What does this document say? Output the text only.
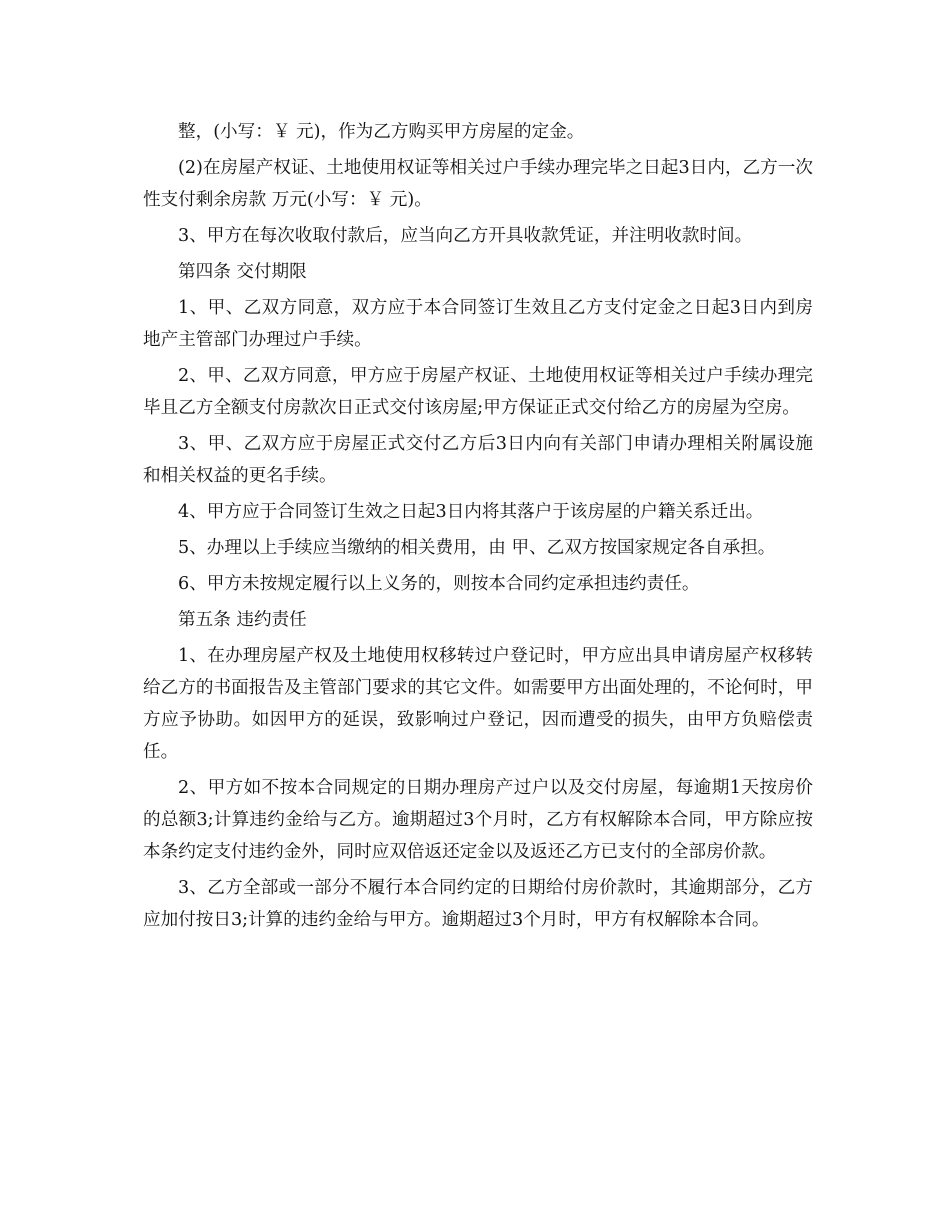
整，(小写：￥ 元)，作为乙方购买甲方房屋的定金。

(2)在房屋产权证、土地使用权证等相关过户手续办理完毕之日起3日内，乙方一次性支付剩余房款 万元(小写：￥ 元)。

3、甲方在每次收取付款后，应当向乙方开具收款凭证，并注明收款时间。

第四条 交付期限

1、甲、乙双方同意，双方应于本合同签订生效且乙方支付定金之日起3日内到房地产主管部门办理过户手续。

2、甲、乙双方同意，甲方应于房屋产权证、土地使用权证等相关过户手续办理完毕且乙方全额支付房款次日正式交付该房屋;甲方保证正式交付给乙方的房屋为空房。

3、甲、乙双方应于房屋正式交付乙方后3日内向有关部门申请办理相关附属设施和相关权益的更名手续。

4、甲方应于合同签订生效之日起3日内将其落户于该房屋的户籍关系迁出。

5、办理以上手续应当缴纳的相关费用，由 甲、乙双方按国家规定各自承担。

6、甲方未按规定履行以上义务的，则按本合同约定承担违约责任。

第五条 违约责任

1、在办理房屋产权及土地使用权移转过户登记时，甲方应出具申请房屋产权移转给乙方的书面报告及主管部门要求的其它文件。如需要甲方出面处理的，不论何时，甲方应予协助。如因甲方的延误，致影响过户登记，因而遭受的损失，由甲方负赔偿责任。

2、甲方如不按本合同规定的日期办理房产过户以及交付房屋，每逾期1天按房价的总额3;计算违约金给与乙方。逾期超过3个月时，乙方有权解除本合同，甲方除应按本条约定支付违约金外，同时应双倍返还定金以及返还乙方已支付的全部房价款。

3、乙方全部或一部分不履行本合同约定的日期给付房价款时，其逾期部分，乙方应加付按日3;计算的违约金给与甲方。逾期超过3个月时，甲方有权解除本合同。
